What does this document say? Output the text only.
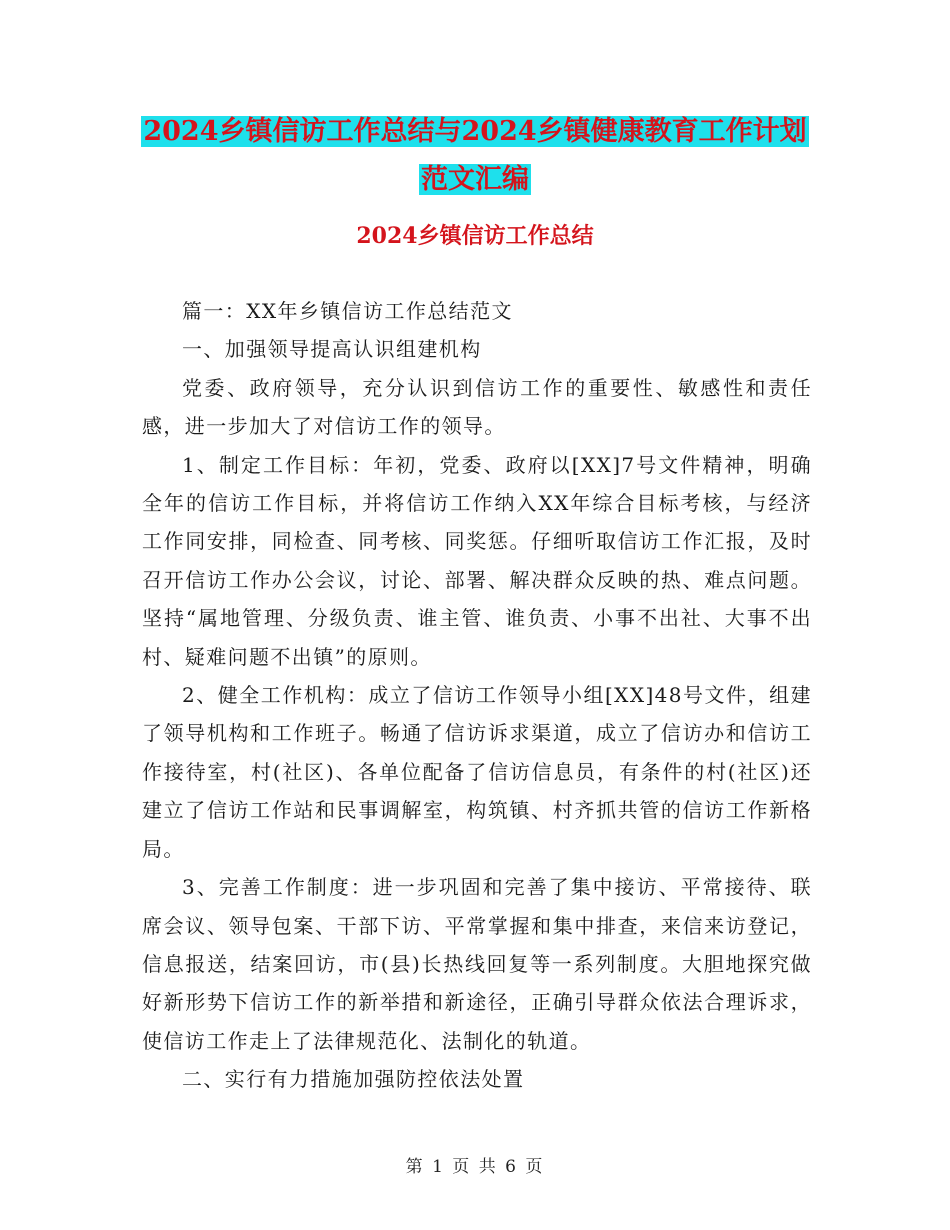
2024乡镇信访工作总结与2024乡镇健康教育工作计划
范文汇编
2024乡镇信访工作总结

篇一：XX年乡镇信访工作总结范文

一、加强领导提高认识组建机构

党委、政府领导，充分认识到信访工作的重要性、敏感性和责任感，进一步加大了对信访工作的领导。

1、制定工作目标：年初，党委、政府以[XX]7号文件精神，明确全年的信访工作目标，并将信访工作纳入XX年综合目标考核，与经济工作同安排，同检查、同考核、同奖惩。仔细听取信访工作汇报，及时召开信访工作办公会议，讨论、部署、解决群众反映的热、难点问题。坚持“属地管理、分级负责、谁主管、谁负责、小事不出社、大事不出村、疑难问题不出镇”的原则。

2、健全工作机构：成立了信访工作领导小组[XX]48号文件，组建了领导机构和工作班子。畅通了信访诉求渠道，成立了信访办和信访工作接待室，村(社区)、各单位配备了信访信息员，有条件的村(社区)还建立了信访工作站和民事调解室，构筑镇、村齐抓共管的信访工作新格局。

3、完善工作制度：进一步巩固和完善了集中接访、平常接待、联席会议、领导包案、干部下访、平常掌握和集中排查，来信来访登记，信息报送，结案回访，市(县)长热线回复等一系列制度。大胆地探究做好新形势下信访工作的新举措和新途径，正确引导群众依法合理诉求，使信访工作走上了法律规范化、法制化的轨道。

二、实行有力措施加强防控依法处置

第 1 页 共 6 页
